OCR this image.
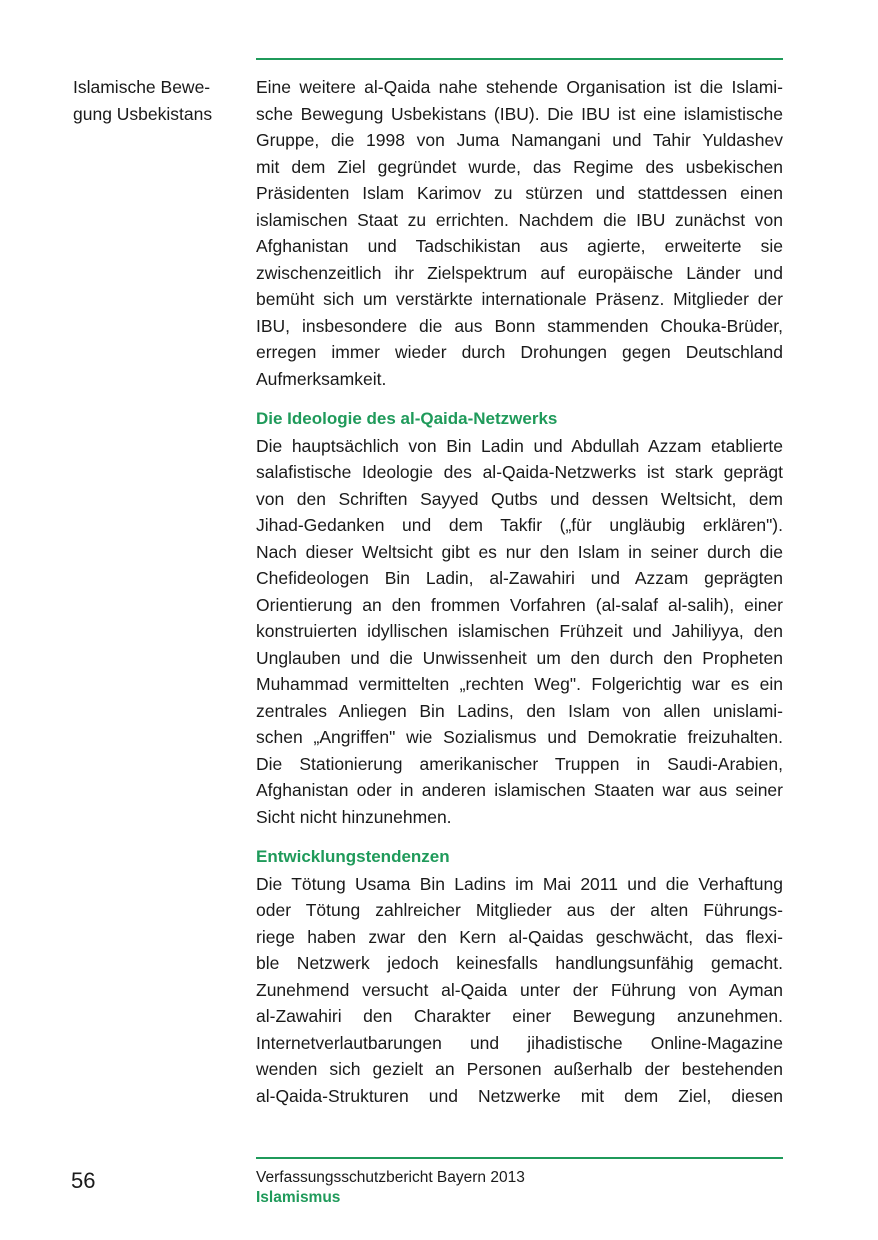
Islamische Bewe-
gung Usbekistans
Eine weitere al-Qaida nahe stehende Organisation ist die Islami-
sche Bewegung Usbekistans (IBU). Die IBU ist eine islamistische
Gruppe, die 1998 von Juma Namangani und Tahir Yuldashev
mit dem Ziel gegründet wurde, das Regime des usbekischen
Präsidenten Islam Karimov zu stürzen und stattdessen einen
islamischen Staat zu errichten. Nachdem die IBU zunächst von
Afghanistan und Tadschikistan aus agierte, erweiterte sie
zwischenzeitlich ihr Zielspektrum auf europäische Länder und
bemüht sich um verstärkte internationale Präsenz. Mitglieder der
IBU, insbesondere die aus Bonn stammenden Chouka-Brüder,
erregen immer wieder durch Drohungen gegen Deutschland
Aufmerksamkeit.
Die Ideologie des al-Qaida-Netzwerks
Die hauptsächlich von Bin Ladin und Abdullah Azzam etablierte
salafistische Ideologie des al-Qaida-Netzwerks ist stark geprägt
von den Schriften Sayyed Qutbs und dessen Weltsicht, dem
Jihad-Gedanken und dem Takfir („für ungläubig erklären").
Nach dieser Weltsicht gibt es nur den Islam in seiner durch die
Chefideologen Bin Ladin, al-Zawahiri und Azzam geprägten
Orientierung an den frommen Vorfahren (al-salaf al-salih), einer
konstruierten idyllischen islamischen Frühzeit und Jahiliyya, den
Unglauben und die Unwissenheit um den durch den Propheten
Muhammad vermittelten „rechten Weg". Folgerichtig war es ein
zentrales Anliegen Bin Ladins, den Islam von allen unislami-
schen „Angriffen" wie Sozialismus und Demokratie freizuhalten.
Die Stationierung amerikanischer Truppen in Saudi-Arabien,
Afghanistan oder in anderen islamischen Staaten war aus seiner
Sicht nicht hinzunehmen.
Entwicklungstendenzen
Die Tötung Usama Bin Ladins im Mai 2011 und die Verhaftung
oder Tötung zahlreicher Mitglieder aus der alten Führungs-
riege haben zwar den Kern al-Qaidas geschwächt, das flexi-
ble Netzwerk jedoch keinesfalls handlungsunfähig gemacht.
Zunehmend versucht al-Qaida unter der Führung von Ayman
al-Zawahiri den Charakter einer Bewegung anzunehmen.
Internetverlautbarungen und jihadistische Online-Magazine
wenden sich gezielt an Personen außerhalb der bestehenden
al-Qaida-Strukturen und Netzwerke mit dem Ziel, diesen
56	Verfassungsschutzbericht Bayern 2013
Islamismus
